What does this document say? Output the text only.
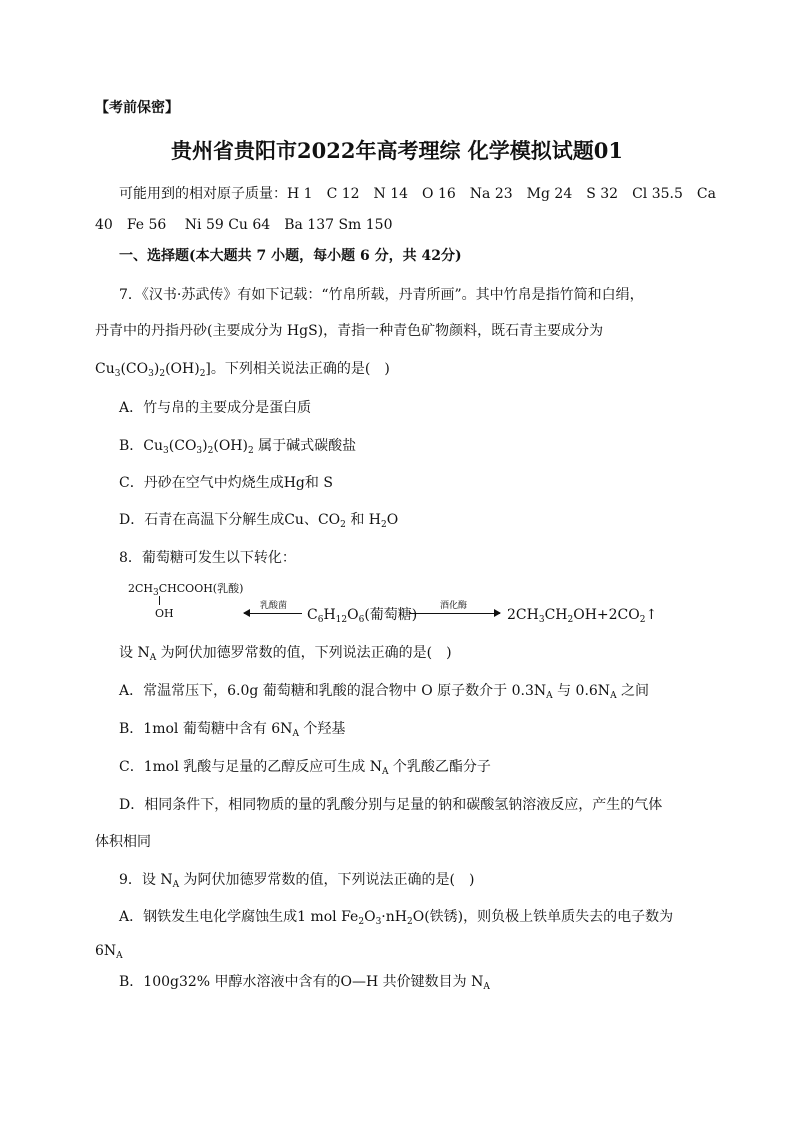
【考前保密】
贵州省贵阳市2022年高考理综 化学模拟试题01
可能用到的相对原子质量：H 1　C 12　N 14　O 16　Na 23　Mg 24　S 32　Cl 35.5　Ca
40　Fe 56　 Ni 59 Cu 64　Ba 137 Sm 150
一、选择题(本大题共 7 小题，每小题 6 分，共 42分)
7．《汉书·苏武传》有如下记载：“竹帛所载，丹青所画”。其中竹帛是指竹简和白绢，
丹青中的丹指丹砂(主要成分为 HgS)，青指一种青色矿物颜料，既石青主要成分为
$Cu_3(CO_3)_2(OH)_2$]。下列相关说法正确的是(　)
A．竹与帛的主要成分是蛋白质
B．$Cu_3(CO_3)_2(OH)_2$ 属于碱式碳酸盐
C．丹砂在空气中灼烧生成Hg和 S
D．石青在高温下分解生成Cu、$CO_2$ 和 $H_2O$
8．葡萄糖可发生以下转化：
$2CH_3CHCOOH$(乳酸)
OH
乳酸菌
$C_6H_{12}O_6$(葡萄糖)
酒化酶
$2CH_3CH_2OH+2CO_2↑$
设 $N_A$ 为阿伏加德罗常数的值，下列说法正确的是(　)
A．常温常压下，6.0g 葡萄糖和乳酸的混合物中 O 原子数介于 $0.3N_A$ 与 $0.6N_A$ 之间
B．1mol 葡萄糖中含有 $6N_A$ 个羟基
C．1mol 乳酸与足量的乙醇反应可生成 $N_A$ 个乳酸乙酯分子
D．相同条件下，相同物质的量的乳酸分别与足量的钠和碳酸氢钠溶液反应，产生的气体
体积相同
9．设 $N_A$ 为阿伏加德罗常数的值，下列说法正确的是(　)
A．钢铁发生电化学腐蚀生成1 mol $Fe_2O_3\cdot nH_2O$(铁锈)，则负极上铁单质失去的电子数为
$6N_A$
B．100g32% 甲醇水溶液中含有的O—H 共价键数目为 $N_A$
